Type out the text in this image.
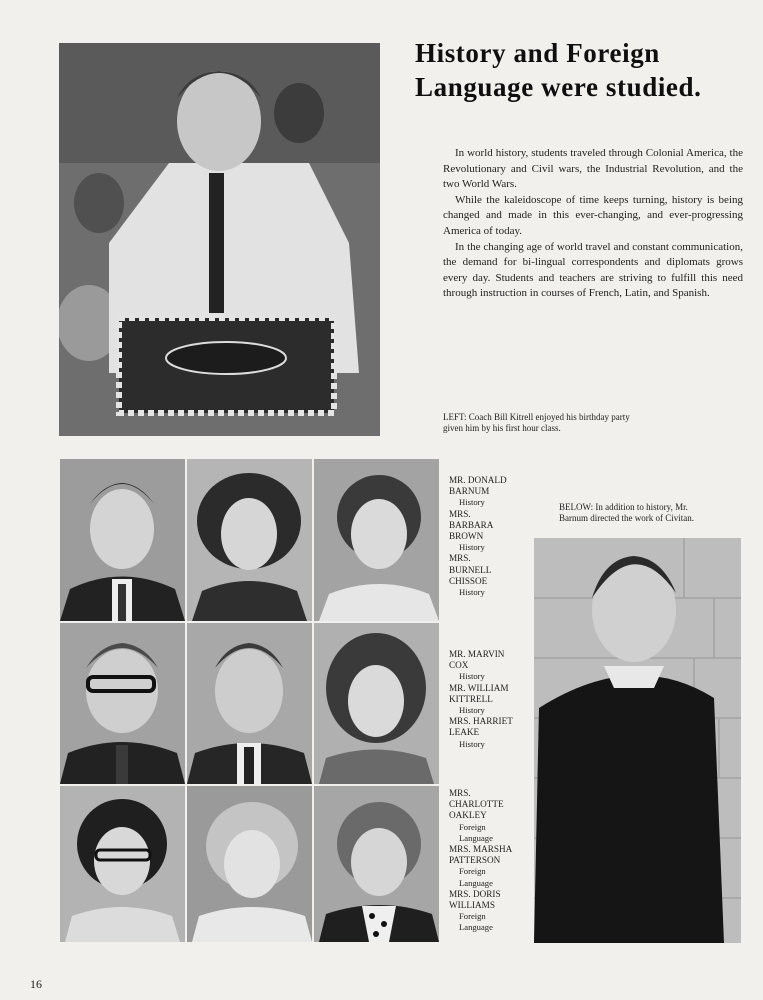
History and Foreign
Language were studied.

In world history, students traveled through Colonial America, the Revolutionary and Civil wars, the Industrial Revolution, and the two World Wars.

While the kaleidoscope of time keeps turning, history is being changed and made in this ever-changing, and ever-progressing America of today.

In the changing age of world travel and constant communication, the demand for bi-lingual correspondents and diplomats grows every day. Students and teachers are striving to fulfill this need through instruction in courses of French, Latin, and Spanish.

LEFT: Coach Bill Kitrell enjoyed his birthday party
given him by his first hour class.
MR. DONALD
BARNUM
History
MRS.
BARBARA
BROWN
History
MRS.
BURNELL
CHISSOE
History
MR. MARVIN
COX
History
MR. WILLIAM
KITTRELL
History
MRS. HARRIET
LEAKE
History
MRS.
CHARLOTTE
OAKLEY
Foreign
Language
MRS. MARSHA
PATTERSON
Foreign
Language
MRS. DORIS
WILLIAMS
Foreign
Language
BELOW: In addition to history, Mr.
Barnum directed the work of Civitan.
16
